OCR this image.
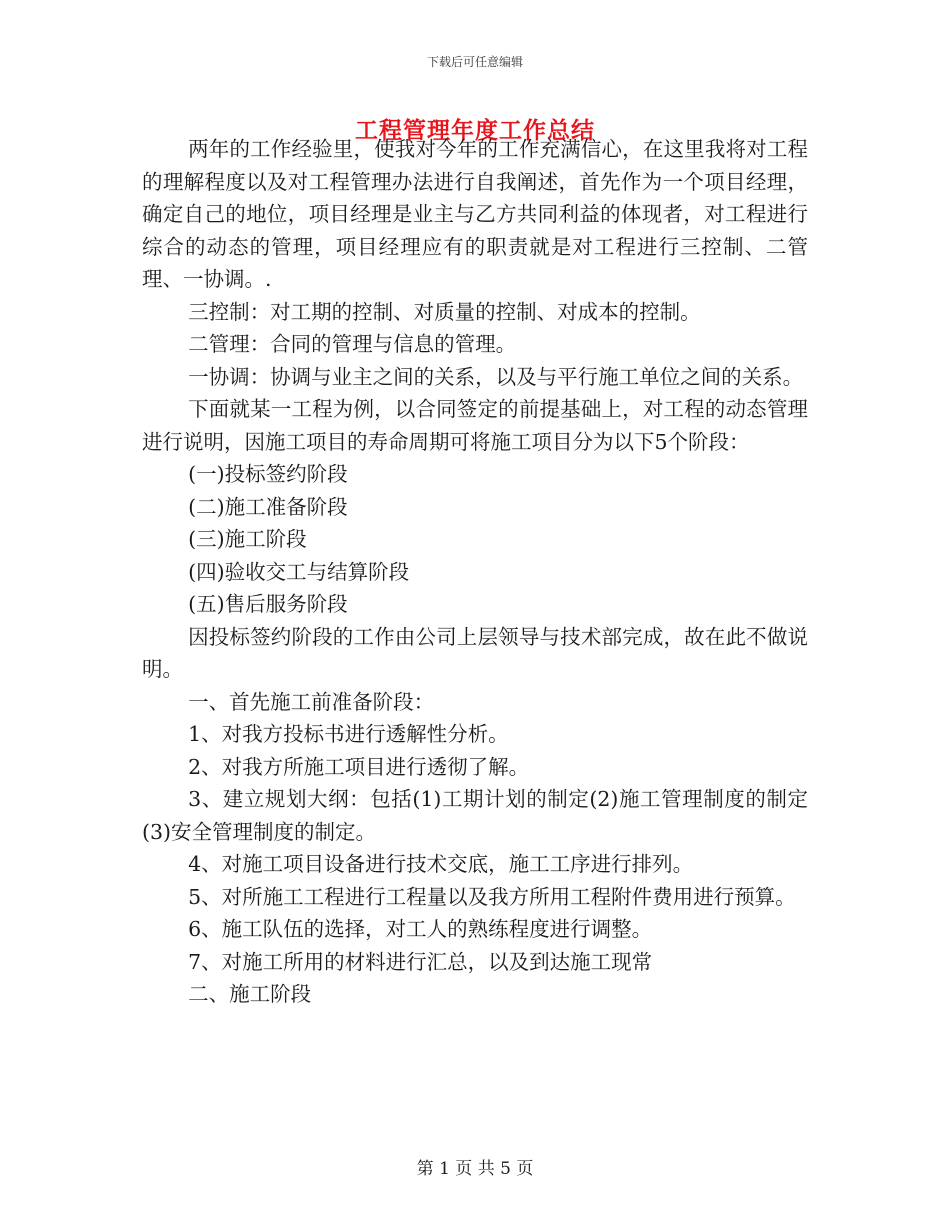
下载后可任意编辑
工程管理年度工作总结

两年的工作经验里，使我对今年的工作充满信心，在这里我将对工程的理解程度以及对工程管理办法进行自我阐述，首先作为一个项目经理，确定自己的地位，项目经理是业主与乙方共同利益的体现者，对工程进行综合的动态的管理，项目经理应有的职责就是对工程进行三控制、二管理、一协调。.

三控制：对工期的控制、对质量的控制、对成本的控制。

二管理：合同的管理与信息的管理。

一协调：协调与业主之间的关系，以及与平行施工单位之间的关系。

下面就某一工程为例，以合同签定的前提基础上，对工程的动态管理进行说明，因施工项目的寿命周期可将施工项目分为以下5个阶段：

(一)投标签约阶段

(二)施工准备阶段

(三)施工阶段

(四)验收交工与结算阶段

(五)售后服务阶段

因投标签约阶段的工作由公司上层领导与技术部完成，故在此不做说明。

一、首先施工前准备阶段：

1、对我方投标书进行透解性分析。

2、对我方所施工项目进行透彻了解。

3、建立规划大纲：包括(1)工期计划的制定(2)施工管理制度的制定(3)安全管理制度的制定。

4、对施工项目设备进行技术交底，施工工序进行排列。

5、对所施工工程进行工程量以及我方所用工程附件费用进行预算。

6、施工队伍的选择，对工人的熟练程度进行调整。

7、对施工所用的材料进行汇总，以及到达施工现常

二、施工阶段

第 1 页 共 5 页
